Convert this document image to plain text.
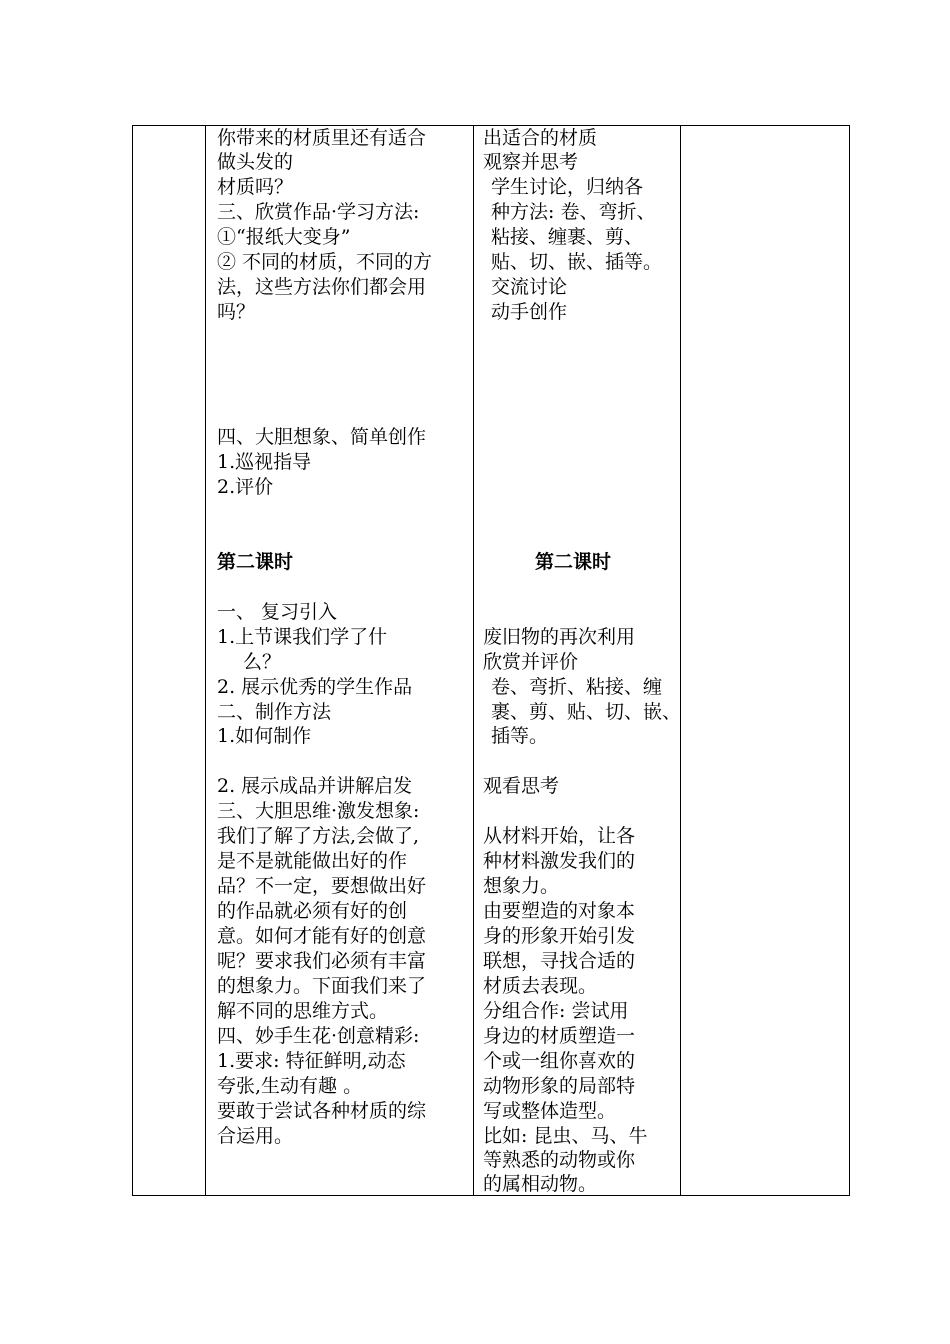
你带来的材质里还有适合
做头发的
材质吗？
三、欣赏作品·学习方法:
①“报纸大变身”
② 不同的材质，不同的方
法，这些方法你们都会用
吗？
四、大胆想象、简单创作
1.巡视指导
2.评价
第二课时
一、 复习引入
1.上节课我们学了什
么？
2. 展示优秀的学生作品
二、制作方法
1.如何制作
2. 展示成品并讲解启发
三、大胆思维·激发想象:
我们了解了方法,会做了,
是不是就能做出好的作
品？不一定，要想做出好
的作品就必须有好的创
意。如何才能有好的创意
呢？要求我们必须有丰富
的想象力。下面我们来了
解不同的思维方式。
四、妙手生花·创意精彩:
1.要求: 特征鲜明,动态
夸张,生动有趣 。
要敢于尝试各种材质的综
合运用。
出适合的材质
观察并思考
学生讨论，归纳各
种方法: 卷、弯折、
粘接、缠裹、剪、
贴、切、嵌、插等。
交流讨论
动手创作
第二课时
废旧物的再次利用
欣赏并评价
卷、弯折、粘接、缠
裹、剪、贴、切、嵌、
插等。
观看思考
从材料开始，让各
种材料激发我们的
想象力。
由要塑造的对象本
身的形象开始引发
联想，寻找合适的
材质去表现。
分组合作: 尝试用
身边的材质塑造一
个或一组你喜欢的
动物形象的局部特
写或整体造型。
比如: 昆虫、马、牛
等熟悉的动物或你
的属相动物。
